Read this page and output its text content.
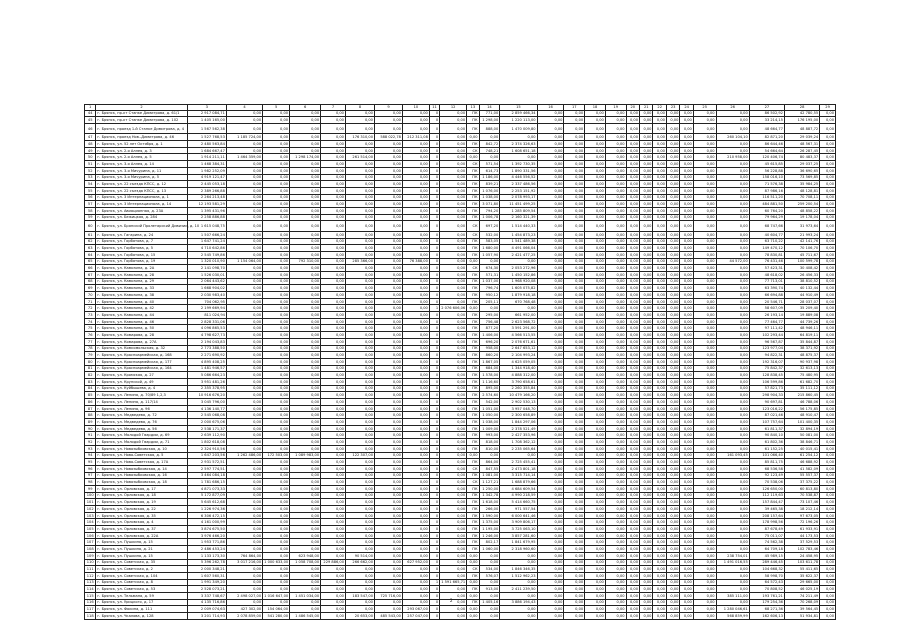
1	2	3	4	5	6	7	8	9	10	11	12	13	14	15	16	17	18	19	20	21	22	23	24	25	26	27	28	29
44	г. Брянск, пр-кт Станке Димитрова, д. 61/1	2 917 084,71	0,00	0,00	0,00	0,00	0,00	0,00	0,00	0	0,00	ПК	771,00	2 859 466,34	0,00	0,00	0,00	0,00	0,00	0,00	0,00	0,00	0,00	0,00	0,00	86 502,92	42 780,55	0,00
45	г. Брянск, пр-кт Станке Димитрова, д. 102	1 405 165,00	0,00	0,00	0,00	0,00	0,00	0,00	0,00	0	0,00	ПК	1 298,00	1 220 113,00	0,00	0,00	0,00	0,00	0,00	0,00	0,00	0,00	0,00	0,00	0,00	33 214,15	176 195,00	0,00
46	г. Брянск, проезд 1-й Станке Димитрова, д. 4	1 567 562,38	0,00	0,00	0,00	0,00	0,00	0,00	0,00	0	0,00	ПК	888,00	1 470 009,80	0,00	0,00	0,00	0,00	0,00	0,00	0,00	0,00	0,00	0,00	0,00	48 664,77	48 887,72	0,00
47	г. Брянск, проезд Нов.-Димитрова, д. 46	1 527 768,53	1 185 724,00	0,00	0,00	0,00	176 310,00	588 022,78	212 311,08	0	0,00	0,00	0,00	0,00	0,00	0,00	0,00	0,00	0,00	0,00	0,00	0,00	0,00	0,00	260 104,10	82 871,20	29 039,24	0,00
48	г. Брянск, ул. 52 лет Октября, д. 1	2 480 563,84	0,00	0,00	0,00	0,00	0,00	0,00	0,00	0	0,00	ПК	842,72	2 374 326,63	0,00	0,00	0,00	0,00	0,00	0,00	0,00	0,00	0,00	0,00	0,00	86 644,46	48 567,31	0,00
49	г. Брянск, ул. 2-я Аллея, д. 3	1 684 667,47	0,00	0,00	0,00	0,00	0,00	0,00	0,00	0	0,00	СК	748,21	1 608 651,18	0,00	0,00	0,00	0,00	0,00	0,00	0,00	0,00	0,00	0,00	0,00	54 664,64	26 287,45	0,00
50	г. Брянск, ул. 2-я Аллея, д. 5	1 914 211,11	1 464 359,00	0,00	1 298 174,00	0,00	261 514,00	0,00	0,00	0	0,00	0,00	0,00	0,00	0,00	0,00	0,00	0,00	0,00	0,00	0,00	0,00	0,00	0,00	210 958,00	120 406,74	80 483,37	0,00
51	г. Брянск, ул. 3-я Аллея, д. 14	1 468 384,31	0,00	0,00	0,00	0,00	0,00	0,00	0,00	0	0,00	СК	571,54	1 392 730,35	0,00	0,00	0,00	0,00	0,00	0,00	0,00	0,00	0,00	0,00	0,00	45 615,85	29 037,25	0,00
52	г. Брянск, ул. 3-я Мичурина, д. 11	1 982 252,09	0,00	0,00	0,00	0,00	0,00	0,00	0,00	0	0,00	ПК	614,73	1 890 331,56	0,00	0,00	0,00	0,00	0,00	0,00	0,00	0,00	0,00	0,00	0,00	56 228,88	36 690,65	0,00
53	г. Брянск, ул. 3-я Мичурина, д. 5	4 919 121,47	0,00	0,00	0,00	0,00	0,00	0,00	0,00	0	0,00	ПК	1 186,00	4 446 556,52	0,00	0,00	0,00	0,00	0,00	0,00	0,00	0,00	0,00	0,00	0,00	158 016,10	73 569,85	0,00
54	г. Брянск, ул. 22 съезда КПСС, д. 12	2 445 053,18	0,00	0,00	0,00	0,00	0,00	0,00	0,00	0	0,00	ПК	839,21	2 337 486,56	0,00	0,00	0,00	0,00	0,00	0,00	0,00	0,00	0,00	0,00	0,00	71 576,38	35 984,25	0,00
55	г. Брянск, ул. 22 съезда КПСС, д. 13	2 389 266,88	0,00	0,00	0,00	0,00	0,00	0,00	0,00	0	0,00	ПК	1 076,00	2 253 151,92	0,00	0,00	0,00	0,00	0,00	0,00	0,00	0,00	0,00	0,00	0,00	87 986,16	48 128,81	0,00
56	г. Брянск, ул. 3 Интернационала, д. 1	2 264 213,48	0,00	0,00	0,00	0,00	0,00	0,00	0,00	0	0,00	ПК	1 038,00	2 078 993,17	0,00	0,00	0,00	0,00	0,00	0,00	0,00	0,00	0,00	0,00	0,00	116 511,20	70 708,11	0,00
57	г. Брянск, ул. 3 Интернационала, д. 14	12 193 581,29	0,00	0,00	0,00	0,00	0,00	0,00	0,00	0	0,00	ПК	3 071,80	11 451 499,25	0,00	0,00	0,00	0,00	0,00	0,00	0,00	0,00	0,00	0,00	0,00	484 881,50	259 200,54	0,00
58	г. Брянск, ул. Авиационная, д. 23А	1 395 431,96	0,00	0,00	0,00	0,00	0,00	0,00	0,00	0	0,00	ПК	794,20	1 285 809,54	0,00	0,00	0,00	0,00	0,00	0,00	0,00	0,00	0,00	0,00	0,00	60 764,20	48 858,22	0,00
59	г. Брянск, ул. Бежицкая, д. 284	2 258 886,88	0,00	0,00	0,00	0,00	0,00	0,00	0,00	0	0,00	ПК	1 006,78	2 160 321,39	0,00	0,00	0,00	0,00	0,00	0,00	0,00	0,00	0,00	0,00	0,00	79 964,29	19 178,04	0,00
60	г. Брянск, ул. Брянский Пролетарский Дивизии, д. 10	1 615 048,75	0,00	0,00	0,00	0,00	0,00	0,00	0,00	0	0,00	СК	697,20	1 514 440,33	0,00	0,00	0,00	0,00	0,00	0,00	0,00	0,00	0,00	0,00	0,00	68 747,66	31 973,64	0,00
61	г. Брянск, ул. Гагарина, д. 24	1 507 666,24	0,00	0,00	0,00	0,00	0,00	0,00	0,00	0	0,00	СК	532,00	1 454 873,23	0,00	0,00	0,00	0,00	0,00	0,00	0,00	0,00	0,00	0,00	0,00	40 604,77	21 993,24	0,00
62	г. Брянск, ул. Горбатова, д. 7	1 647 741,24	0,00	0,00	0,00	0,00	0,00	0,00	0,00	0	0,00	ПК	583,05	1 541 489,38	0,00	0,00	0,00	0,00	0,00	0,00	0,00	0,00	0,00	0,00	0,00	63 710,22	42 141,76	0,00
63	г. Брянск, ул. Горбатова, д. 5	4 710 642,86	0,00	0,00	0,00	0,00	0,00	0,00	0,00	0	0,00	ПК	1 680,00	4 491 066,04	0,00	0,00	0,00	0,00	0,00	0,00	0,00	0,00	0,00	0,00	0,00	149 470,12	70 106,70	0,00
64	г. Брянск, ул. Горбатова, д. 15	2 545 749,86	0,00	0,00	0,00	0,00	0,00	0,00	0,00	0	0,00	ПК	1 057,90	2 421 477,25	0,00	0,00	0,00	0,00	0,00	0,00	0,00	0,00	0,00	0,00	0,00	78 830,81	45 711,67	0,00
65	г. Брянск, ул. Горбатова, д. 19	1 320 010,90	1 154 064,00	0,00	792 310,00	0,00	285 366,00	0,00	76 388,00	0	0,00	0,00	0,00	0,00	0,00	0,00	0,00	0,00	0,00	0,00	0,00	0,00	0,00	0,00	44 572,00	76 431,46	100 599,78	0,00
66	г. Брянск, ул. Камозина, д. 2А	2 141 098,70	0,00	0,00	0,00	0,00	0,00	0,00	0,00	0	0,00	СК	674,30	2 053 272,96	0,00	0,00	0,00	0,00	0,00	0,00	0,00	0,00	0,00	0,00	0,00	57 423,31	30 408,42	0,00
67	г. Брянск, ул. Камозина, д. 28	1 526 030,01	0,00	0,00	0,00	0,00	0,00	0,00	0,00	0	0,00	ПК	571,31	1 450 152,86	0,00	0,00	0,00	0,00	0,00	0,00	0,00	0,00	0,00	0,00	0,00	48 618,02	26 456,33	0,00
68	г. Брянск, ул. Камозина, д. 29	2 064 443,62	0,00	0,00	0,00	0,00	0,00	0,00	0,00	0	0,00	ПК	1 037,00	1 968 920,08	0,00	0,00	0,00	0,00	0,00	0,00	0,00	0,00	0,00	0,00	0,00	77 713,01	38 810,52	0,00
69	г. Брянск, ул. Камозина, д. 33	1 668 904,02	0,00	0,00	0,00	0,00	0,00	0,00	0,00	0	0,00	ПК	796,74	1 605 075,82	0,00	0,00	0,00	0,00	0,00	0,00	0,00	0,00	0,00	0,00	0,00	63 390,74	40 132,44	0,00
70	г. Брянск, ул. Камозина, д. 38	2 030 983,40	0,00	0,00	0,00	0,00	0,00	0,00	0,00	0	0,00	ПК	950,12	1 879 918,18	0,00	0,00	0,00	0,00	0,00	0,00	0,00	0,00	0,00	0,00	0,00	66 694,88	44 910,49	0,00
71	г. Брянск, ул. Камозина, д. 40	704 062,95	0,00	0,00	0,00	0,00	0,00	0,00	0,00	0	0,00	ПК	205,11	670 768,48	0,00	0,00	0,00	0,00	0,00	0,00	0,00	0,00	0,00	0,00	0,00	20 546,71	28 037,07	0,00
72	г. Брянск, ул. Камозина, д. 42	2 199 669,94	0,00	0,00	0,00	0,00	0,00	0,00	0,00	1	2 076 606,06	0,00	0,00	0,00	0,00	0,00	0,00	0,00	0,00	0,00	0,00	0,00	0,00	0,00	0,00	58 607,09	35 209,40	0,00
73	г. Брянск, ул. Камозина, д. 44	811 024,94	0,00	0,00	0,00	0,00	0,00	0,00	0,00	0	0,00	ПК	295,00	661 952,00	0,00	0,00	0,00	0,00	0,00	0,00	0,00	0,00	0,00	0,00	0,00	26 193,14	19 889,08	0,00
74	г. Брянск, ул. Камозина, д. 46	2 828 331,06	0,00	0,00	0,00	0,00	0,00	0,00	0,00	0	0,00	ПК	756,48	2 623 568,72	0,00	0,00	0,00	0,00	0,00	0,00	0,00	0,00	0,00	0,00	0,00	77 464,77	44 739,26	0,00
75	г. Брянск, ул. Камозина, д. 50	4 096 865,53	0,00	0,00	0,00	0,00	0,00	0,00	0,00	0	0,00	ПК	877,20	3 591 291,00	0,00	0,00	0,00	0,00	0,00	0,00	0,00	0,00	0,00	0,00	0,00	97 111,42	48 946,11	0,00
76	г. Брянск, ул. Комарова, д. 28	4 798 627,73	0,00	0,00	0,00	0,00	0,00	0,00	0,00	0	0,00	ПК	1 406,00	4 566 513,55	0,00	0,00	0,00	0,00	0,00	0,00	0,00	0,00	0,00	0,00	0,00	102 293,44	64 819,11	0,00
77	г. Брянск, ул. Комарова, д. 27А	2 194 043,83	0,00	0,00	0,00	0,00	0,00	0,00	0,00	0	0,00	ПК	696,20	2 076 671,61	0,00	0,00	0,00	0,00	0,00	0,00	0,00	0,00	0,00	0,00	0,00	96 567,87	35 844,87	0,00
78	г. Брянск, ул. Комсомольская, д. 32	2 773 388,50	0,00	0,00	0,00	0,00	0,00	0,00	0,00	0	0,00	ПК	958,00	2 647 653,12	0,00	0,00	0,00	0,00	0,00	0,00	0,00	0,00	0,00	0,00	0,00	123 977,04	38 371,92	0,00
79	г. Брянск, ул. Красноармейская, д. 168	2 271 690,92	0,00	0,00	0,00	0,00	0,00	0,00	0,00	0	0,00	ПК	860,20	2 104 993,24	0,00	0,00	0,00	0,00	0,00	0,00	0,00	0,00	0,00	0,00	0,00	94 822,31	48 875,37	0,00
80	г. Брянск, ул. Красноармейская, д. 177	4 895 408,25	0,00	0,00	0,00	0,00	0,00	0,00	0,00	0	0,00	ПК	1 867,05	4 625 059,05	0,00	0,00	0,00	0,00	0,00	0,00	0,00	0,00	0,00	0,00	0,00	192 316,07	90 937,98	0,00
81	г. Брянск, ул. Красноармейская, д. 164	1 481 946,57	0,00	0,00	0,00	0,00	0,00	0,00	0,00	0	0,00	ПК	684,00	1 344 918,40	0,00	0,00	0,00	0,00	0,00	0,00	0,00	0,00	0,00	0,00	0,00	75 842,37	32 613,13	0,00
82	г. Брянск, ул. Кромская, д. 27	5 086 664,23	0,00	0,00	0,00	0,00	0,00	0,00	0,00	0	0,00	ПК	1 578,00	4 888 312,00	0,00	0,00	0,00	0,00	0,00	0,00	0,00	0,00	0,00	0,00	0,00	128 838,45	75 480,95	0,00
83	г. Брянск, ул. Крупской, д. 49	3 951 481,26	0,00	0,00	0,00	0,00	0,00	0,00	0,00	0	0,00	ПК	1 116,60	3 790 658,61	0,00	0,00	0,00	0,00	0,00	0,00	0,00	0,00	0,00	0,00	0,00	106 599,86	61 682,70	0,00
84	г. Брянск, ул. Куйбышева, д. 4	2 355 378,95	0,00	0,00	0,00	0,00	0,00	0,00	0,00	0	0,00	ПК	895,00	2 260 355,84	0,00	0,00	0,00	0,00	0,00	0,00	0,00	0,00	0,00	0,00	0,00	57 821,73	35 111,12	0,00
85	г. Брянск, ул. Ленина, д. 70/89 1,2,3	10 916 676,20	0,00	0,00	0,00	0,00	0,00	0,00	0,00	0	0,00	ПК	2 574,60	10 479 166,20	0,00	0,00	0,00	0,00	0,00	0,00	0,00	0,00	0,00	0,00	0,00	298 904,33	215 860,45	0,00
86	г. Брянск, ул. Ленина, д. 117/14	3 045 796,00	0,00	0,00	0,00	0,00	0,00	0,00	0,00	0	0,00	ПК	542,00	2 902 530,13	0,00	0,00	0,00	0,00	0,00	0,00	0,00	0,00	0,00	0,00	0,00	90 697,81	46 788,06	0,00
87	г. Брянск, ул. Ленина, д. 96	4 136 140,77	0,00	0,00	0,00	0,00	0,00	0,00	0,00	0	0,00	ПК	1 051,00	3 957 048,70	0,00	0,00	0,00	0,00	0,00	0,00	0,00	0,00	0,00	0,00	0,00	123 016,22	56 175,85	0,00
88	г. Брянск, ул. Медведева, д. 72	2 545 068,08	0,00	0,00	0,00	0,00	0,00	0,00	0,00	0	0,00	ПК	1 050,00	2 300 658,89	0,00	0,00	0,00	0,00	0,00	0,00	0,00	0,00	0,00	0,00	0,00	87 021,46	48 910,47	0,00
89	г. Брянск, ул. Медведева, д. 76	2 000 675,06	0,00	0,00	0,00	0,00	0,00	0,00	0,00	0	0,00	ПК	1 038,00	1 844 297,06	0,00	0,00	0,00	0,00	0,00	0,00	0,00	0,00	0,00	0,00	0,00	107 757,64	101 400,35	0,00
90	г. Брянск, ул. Медведева, д. 56	2 538 171,37	0,00	0,00	0,00	0,00	0,00	0,00	0,00	0	0,00	ПК	1 009,00	2 378 521,49	0,00	0,00	0,00	0,00	0,00	0,00	0,00	0,00	0,00	0,00	0,00	61 811,37	32 894,19	0,00
91	г. Брянск, ул. Молодой Гвардии, д. 69	2 639 112,90	0,00	0,00	0,00	0,00	0,00	0,00	0,00	0	0,00	ПК	993,00	2 427 353,96	0,00	0,00	0,00	0,00	0,00	0,00	0,00	0,00	0,00	0,00	0,00	90 840,10	50 081,00	0,00
92	г. Брянск, ул. Молодой Гвардии, д. 71	1 802 618,08	0,00	0,00	0,00	0,00	0,00	0,00	0,00	0	0,00	ПК	818,00	1 708 362,12	0,00	0,00	0,00	0,00	0,00	0,00	0,00	0,00	0,00	0,00	0,00	61 802,36	38 846,71	0,00
93	г. Брянск, ул. Новозыбковская, д. 10	2 324 910,56	0,00	0,00	0,00	0,00	0,00	0,00	0,00	0	0,00	ПК	810,00	2 235 065,64	0,00	0,00	0,00	0,00	0,00	0,00	0,00	0,00	0,00	0,00	0,00	61 152,25	40 015,41	0,00
94	г. Брянск, ул. Ново-Советская, д. 5	1 647 203,56	1 262 486,00	172 503,00	1 089 983,00	0,00	122 307,00	0,00	0,00	0	0,00	0,00	0,00	0,00	0,00	0,00	0,00	0,00	0,00	0,00	0,00	0,00	0,00	0,00	161 093,45	101 066,40	61 254,12	0,00
95	г. Брянск, ул. Ново-Советская, д. 17А	2 931 572,51	0,00	0,00	0,00	0,00	0,00	0,00	0,00	0	0,00	ПК	864,00	2 725 455,41	0,00	0,00	0,00	0,00	0,00	0,00	0,00	0,00	0,00	0,00	0,00	85 811,75	46 688,92	0,00
96	г. Брянск, ул. Новозыбковская, д. 14	2 597 774,51	0,00	0,00	0,00	0,00	0,00	0,00	0,00	0	0,00	СК	847,55	2 473 801,18	0,00	0,00	0,00	0,00	0,00	0,00	0,00	0,00	0,00	0,00	0,00	68 536,58	41 582,09	0,00
97	г. Брянск, ул. Новозыбковская, д. 16	3 464 084,18	0,00	0,00	0,00	0,00	0,00	0,00	0,00	0	0,00	ПК	1 081,00	3 315 714,14	0,00	0,00	0,00	0,00	0,00	0,00	0,00	0,00	0,00	0,00	0,00	92 123,49	55 557,37	0,00
98	г. Брянск, ул. Новозыбковская, д. 18	1 781 686,15	0,00	0,00	0,00	0,00	0,00	0,00	0,00	0	0,00	СК	1 127,21	1 688 879,66	0,00	0,00	0,00	0,00	0,00	0,00	0,00	0,00	0,00	0,00	0,00	70 538,06	37 375,22	0,00
99	г. Брянск, ул. Орловская, д. 17	4 871 073,33	0,00	0,00	0,00	0,00	0,00	0,00	0,00	0	0,00	ПК	1 250,00	4 684 609,54	0,00	0,00	0,00	0,00	0,00	0,00	0,00	0,00	0,00	0,00	0,00	126 650,00	60 813,80	0,00
100	г. Брянск, ул. Орловская, д. 18	5 172 877,09	0,00	0,00	0,00	0,00	0,00	0,00	0,00	0	0,00	ПК	1 342,78	4 990 218,59	0,00	0,00	0,00	0,00	0,00	0,00	0,00	0,00	0,00	0,00	0,00	112 119,63	70 538,87	0,00
101	г. Брянск, ул. Орловская, д. 19	5 645 612,68	0,00	0,00	0,00	0,00	0,00	0,00	0,00	0	0,00	ПК	1 618,00	5 414 660,75	0,00	0,00	0,00	0,00	0,00	0,00	0,00	0,00	0,00	0,00	0,00	157 844,47	73 107,46	0,00
102	г. Брянск, ул. Орловская, д. 22	1 226 974,36	0,00	0,00	0,00	0,00	0,00	0,00	0,00	0	0,00	ПК	266,00	971 557,54	0,00	0,00	0,00	0,00	0,00	0,00	0,00	0,00	0,00	0,00	0,00	39 465,38	18 212,14	0,00
103	г. Брянск, ул. Орловская, д. 35	6 306 472,15	0,00	0,00	0,00	0,00	0,00	0,00	0,00	0	0,00	ПК	1 590,00	6 000 641,46	0,00	0,00	0,00	0,00	0,00	0,00	0,00	0,00	0,00	0,00	0,00	208 157,64	97 673,05	0,00
104	г. Брянск, ул. Орловская, д. 4	4 161 000,99	0,00	0,00	0,00	0,00	0,00	0,00	0,00	0	0,00	ПК	1 375,00	3 909 806,17	0,00	0,00	0,00	0,00	0,00	0,00	0,00	0,00	0,00	0,00	0,00	178 998,56	72 196,26	0,00
105	г. Брянск, ул. Орловская, д. 37	3 874 675,50	0,00	0,00	0,00	0,00	0,00	0,00	0,00	0	0,00	ПК	1 195,00	3 725 063,10	0,00	0,00	0,00	0,00	0,00	0,00	0,00	0,00	0,00	0,00	0,00	87 678,49	61 933,91	0,00
106	г. Брянск, ул. Орловская, д. 22А	3 976 466,20	0,00	0,00	0,00	0,00	0,00	0,00	0,00	0	0,00	ПК	1 246,00	3 857 281,60	0,00	0,00	0,00	0,00	0,00	0,00	0,00	0,00	0,00	0,00	0,00	75 011,07	44 173,53	0,00
107	г. Брянск, ул. Пушкина, д. 15	1 953 771,86	0,00	0,00	0,00	0,00	0,00	0,00	0,00	0	0,00	ПК	802,17	1 841 679,95	0,00	0,00	0,00	0,00	0,00	0,00	0,00	0,00	0,00	0,00	0,00	74 562,38	37 529,53	0,00
108	г. Брянск, ул. Пушкина, д. 21	2 486 453,24	0,00	0,00	0,00	0,00	0,00	0,00	0,00	0	0,00	ПК	1 060,00	2 318 960,60	0,00	0,00	0,00	0,00	0,00	0,00	0,00	0,00	0,00	0,00	0,00	64 709,18	102 783,46	0,00
109	г. Брянск, ул. Пушкина, д. 15	1 133 173,30	764 864,00	0,00	623 948,00	0,00	90 514,00	0,00	0,00	0	0,00	0,00	0,00	0,00	0,00	0,00	0,00	0,00	0,00	0,00	0,00	0,00	0,00	0,00	238 754,01	45 989,15	24 458,95	0,00
110	г. Брянск, ул. Советская, д. 35	5 396 262,78	3 017 216,00	1 000 633,00	1 058 708,00	229 886,00	266 662,00	0,00	627 952,00	0	0,00	0,00	0,00	0,00	0,00	0,00	0,00	0,00	0,00	0,00	0,00	0,00	0,00	0,00	1 491 016,55	289 446,45	103 611,78	0,00
111	г. Брянск, ул. Советская, д. 2	2 000 348,21	0,00	0,00	0,00	0,00	0,00	0,00	0,00	0	0,00	СК	534,00	1 846 346,35	0,00	0,00	0,00	0,00	0,00	0,00	0,00	0,00	0,00	0,00	0,00	104 668,32	55 411,65	0,00
112	г. Брянск, ул. Советская, д. 104	1 607 560,31	0,00	0,00	0,00	0,00	0,00	0,00	0,00	0	0,00	ПК	576,07	1 512 962,23	0,00	0,00	0,00	0,00	0,00	0,00	0,00	0,00	0,00	0,00	0,00	58 998,70	35 622,37	0,00
113	г. Брянск, ул. Советская, д. 8	1 991 349,20	0,00	0,00	0,00	0,00	0,00	0,00	0,00	1	1 591 665,71	0,00	0,00	0,00	0,00	0,00	0,00	0,00	0,00	0,00	0,00	0,00	0,00	0,00	0,00	64 572,43	29 665,00	0,00
114	г. Брянск, ул. Советская, д. 53	2 528 073,21	0,00	0,00	0,00	0,00	0,00	0,00	0,00	0	0,00	ПК	913,00	2 411 239,50	0,00	0,00	0,00	0,00	0,00	0,00	0,00	0,00	0,00	0,00	0,00	70 808,52	46 025,19	0,00
115	г. Брянск, ул. Тельмана, д. 59	3 337 748,67	2 498 027,00	1 016 647,00	1 451 034,00	0,00	183 547,00	725 716,00	0,00	0	0,00	0,00	0,00	0,00	0,00	0,00	0,00	0,00	0,00	0,00	0,00	0,00	0,00	0,00	385 111,00	193 761,21	74 211,49	0,00
116	г. Брянск, ул. Урицкого, д. 17	4 135 716,86	0,00	0,00	0,00	0,00	0,00	0,00	0,00	0	0,00	ПК	1 405,16	3 886 194,43	0,00	0,00	0,00	0,00	0,00	0,00	0,00	0,00	0,00	0,00	0,00	179 254,36	70 268,09	0,00
117	г. Брянск, ул. Фокина, д. 111	2 009 074,63	427 302,00	154 064,00	0,00	0,00	0,00	0,00	293 067,00	0	0,00	0,00	0,00	0,00	0,00	0,00	0,00	0,00	0,00	0,00	0,00	0,00	0,00	0,00	1 280 046,61	68 271,36	39 564,45	0,00
118	г. Брянск, ул. Чкалова, д. 128	3 201 714,93	2 078 859,00	541 280,00	1 486 545,00	0,00	20 653,00	485 543,00	257 047,00	0	0,00	0,00	0,00	0,00	0,00	0,00	0,00	0,00	0,00	0,00	0,00	0,00	0,00	0,00	568 859,99	162 606,13	51 934,81	0,00
2
